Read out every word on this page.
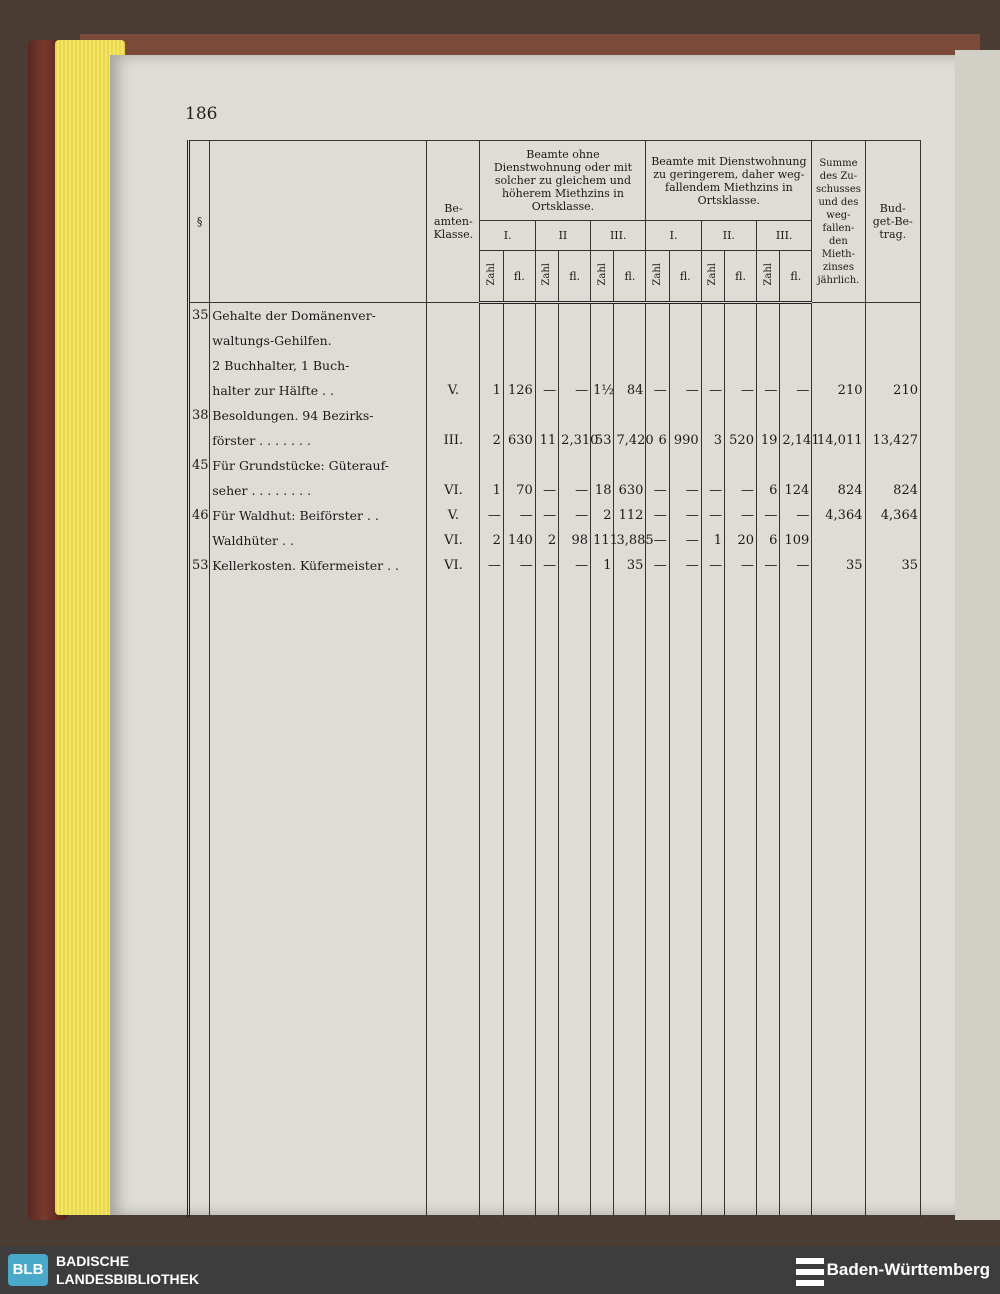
186
§		Be- amten- Klasse.	Beamte ohne Dienstwohnung oder mit solcher zu gleichem und höherem Miethzins in Ortsklasse.						Beamte mit Dienstwohnung zu geringerem, daher weg- fallendem Miethzins in Ortsklasse.						Summe des Zu- schusses und des weg- fallen- den Mieth- zinses jährlich.	Bud- get-Be- trag.
			I.		II		III.		I.		II.		III.			
			Zahl	fl.	Zahl	fl.	Zahl	fl.	Zahl	fl.	Zahl	fl.	Zahl	fl.		
35	Gehalte der Domänenver-															
	waltungs-Gehilfen.															
	2 Buchhalter, 1 Buch-															
	halter zur Hälfte . .	V.	1	126	—	—	1½	84	—	—	—	—	—	—	210	210
38	Besoldungen. 94 Bezirks-															
	förster . . . . . . .	III.	2	630	11	2,310	53	7,420	6	990	3	520	19	2,141	14,011	13,427
45	Für Grundstücke: Güterauf-															
	seher . . . . . . . .	VI.	1	70	—	—	18	630	—	—	—	—	6	124	824	824
46	Für Waldhut: Beiförster . .	V.	—	—	—	—	2	112	—	—	—	—	—	—	4,364	4,364
	Waldhüter . .	VI.	2	140	2	98	111	3,885	—	—	1	20	6	109		
53	Kellerkosten. Küfermeister . .	VI.	—	—	—	—	1	35	—	—	—	—	—	—	35	35

BLB BADISCHE
LANDESBIBLIOTHEK	Baden-Württemberg
